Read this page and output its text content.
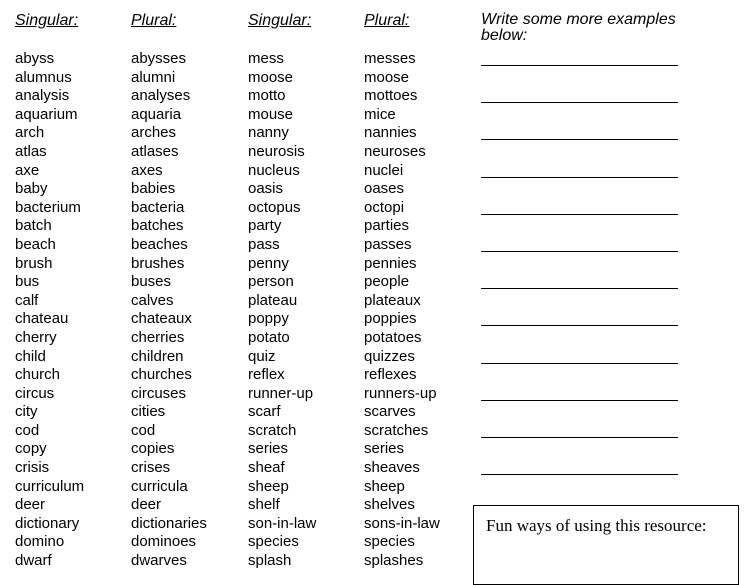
Singular:
abyss
alumnus
analysis
aquarium
arch
atlas
axe
baby
bacterium
batch
beach
brush
bus
calf
chateau
cherry
child
church
circus
city
cod
copy
crisis
curriculum
deer
dictionary
domino
dwarf
Plural:
abysses
alumni
analyses
aquaria
arches
atlases
axes
babies
bacteria
batches
beaches
brushes
buses
calves
chateaux
cherries
children
churches
circuses
cities
cod
copies
crises
curricula
deer
dictionaries
dominoes
dwarves
Singular:
mess
moose
motto
mouse
nanny
neurosis
nucleus
oasis
octopus
party
pass
penny
person
plateau
poppy
potato
quiz
reflex
runner-up
scarf
scratch
series
sheaf
sheep
shelf
son-in-law
species
splash
Plural:
messes
moose
mottoes
mice
nannies
neuroses
nuclei
oases
octopi
parties
passes
pennies
people
plateaux
poppies
potatoes
quizzes
reflexes
runners-up
scarves
scratches
series
sheaves
sheep
shelves
sons-in-law
species
splashes
Write some more examples below:
Fun ways of using this resource:
